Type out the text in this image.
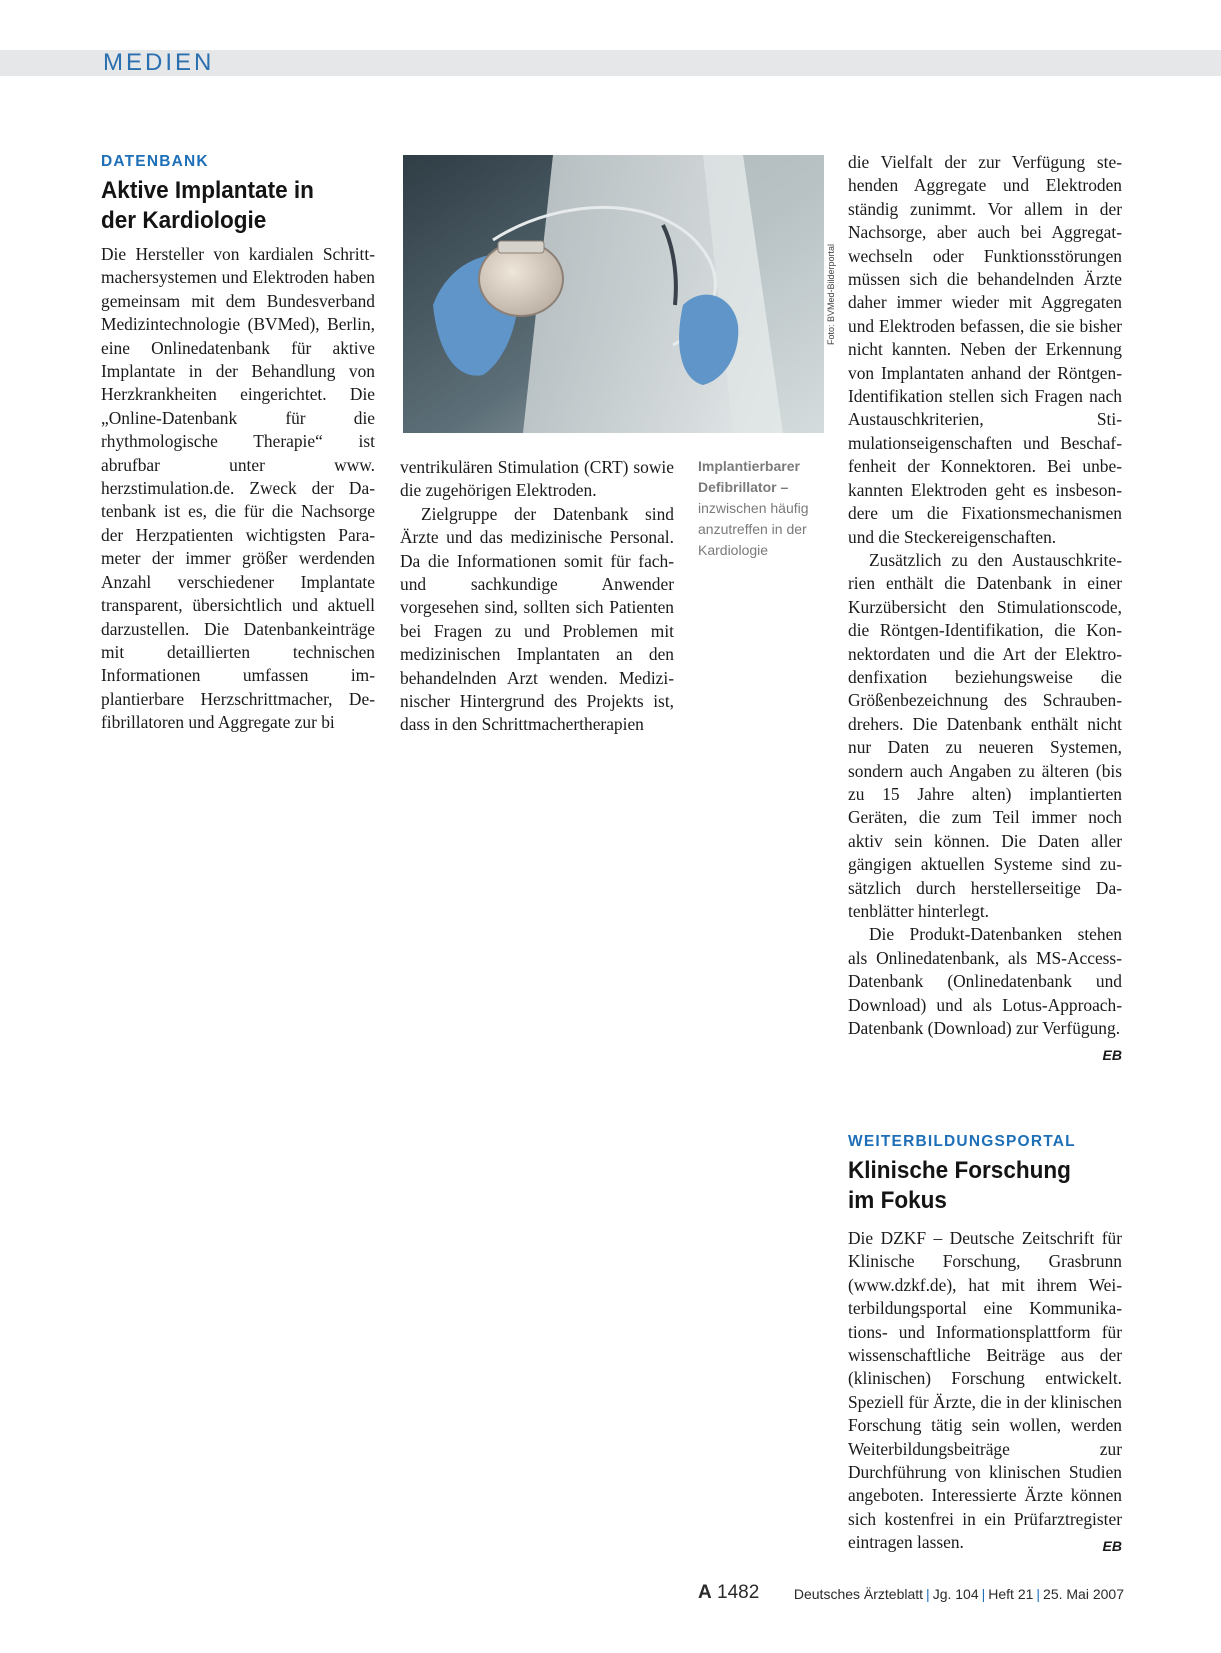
MEDIEN
DATENBANK
Aktive Implantate in
der Kardiologie

Die Hersteller von kardialen Schrittmachersystemen und Elektroden haben gemeinsam mit dem Bundesverband Medizintechnologie (BVMed), Berlin, eine Onlinedatenbank für aktive Implantate in der Behandlung von Herzkrankheiten eingerichtet. Die „Online-Datenbank für die rhythmologische Therapie“ ist abrufbar unter www.​herzstimulation.de. Zweck der Datenbank ist es, die für die Nachsorge der Herzpatienten wichtigsten Parameter der immer größer werdenden Anzahl verschiedener Implantate transparent, übersichtlich und aktuell darzustellen. Die Datenbankeinträge mit detaillierten technischen Informationen umfassen implantierbare Herzschrittmacher, Defibrillatoren und Aggregate zur bi

Foto: BVMed-Bilderportal
Implantierbarer Defibrillator –
inzwischen häufig anzutreffen in der Kardiologie

ventrikulären Stimulation (CRT) sowie die zugehörigen Elektroden.

Zielgruppe der Datenbank sind Ärzte und das medizinische Personal. Da die Informationen somit für fach- und sachkundige Anwender vorgesehen sind, sollten sich Patienten bei Fragen zu und Problemen mit medizinischen Implantaten an den behandelnden Arzt wenden. Medizinischer Hintergrund des Projekts ist, dass in den Schrittmachertherapien

die Vielfalt der zur Verfügung stehenden Aggregate und Elektroden ständig zunimmt. Vor allem in der Nachsorge, aber auch bei Aggregatwechseln oder Funktionsstörungen müssen sich die behandelnden Ärzte daher immer wieder mit Aggregaten und Elektroden befassen, die sie bisher nicht kannten. Neben der Erkennung von Implantaten anhand der Röntgen-Identifikation stellen sich Fragen nach Austauschkriterien, Stimulationseigenschaften und Beschaffenheit der Konnektoren. Bei unbekannten Elektroden geht es insbesondere um die Fixationsmechanismen und die Steckereigenschaften.

Zusätzlich zu den Austauschkriterien enthält die Datenbank in einer Kurzübersicht den Stimulationscode, die Röntgen-Identifikation, die Konnektordaten und die Art der Elektrodenfixation beziehungsweise die Größenbezeichnung des Schraubendrehers. Die Datenbank enthält nicht nur Daten zu neueren Systemen, sondern auch Angaben zu älteren (bis zu 15 Jahre alten) implantierten Geräten, die zum Teil immer noch aktiv sein können. Die Daten aller gängigen aktuellen Systeme sind zusätzlich durch herstellerseitige Datenblätter hinterlegt.

Die Produkt-Datenbanken stehen als Onlinedatenbank, als MS-Access-Datenbank (Onlinedatenbank und Download) und als Lotus-Approach-Datenbank (Download) zur Verfügung.
EB

WEITERBILDUNGSPORTAL
Klinische Forschung
im Fokus

Die DZKF – Deutsche Zeitschrift für Klinische Forschung, Grasbrunn (www.dzkf.de), hat mit ihrem Weiterbildungsportal eine Kommunikations- und Informationsplattform für wissenschaftliche Beiträge aus der (klinischen) Forschung entwickelt. Speziell für Ärzte, die in der klinischen Forschung tätig sein wollen, werden Weiterbildungsbeiträge zur Durchführung von klinischen Studien angeboten. Interessierte Ärzte können sich kostenfrei in ein Prüfarztregister eintragen lassen.	EB

A 1482 Deutsches Ärzteblatt | Jg. 104 | Heft 21 | 25. Mai 2007
